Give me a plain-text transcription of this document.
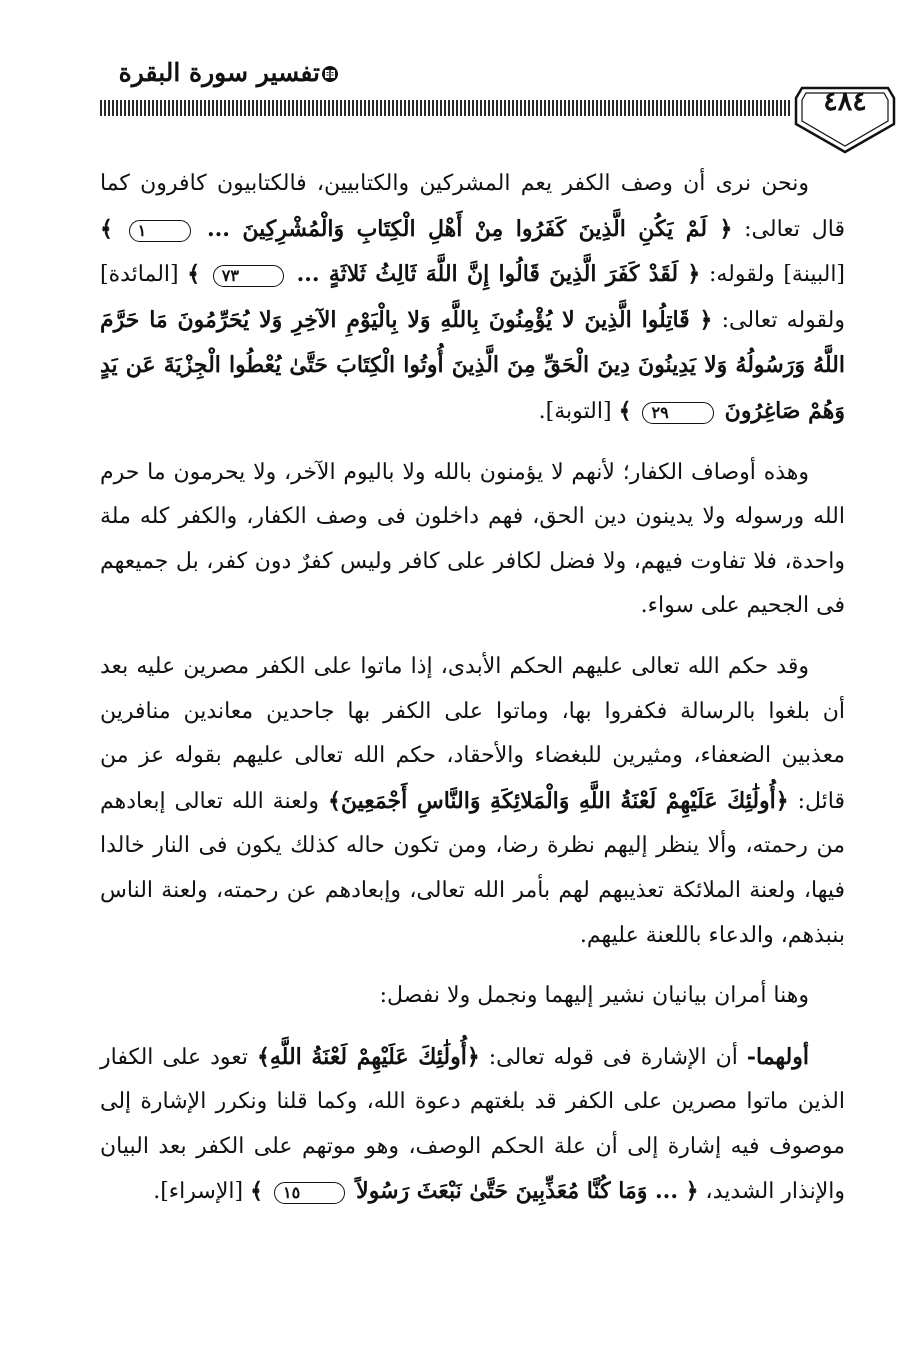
تفسير سورة البقرة
٤٨٤

ونحن نرى أن وصف الكفر يعم المشركين والكتابيين، فالكتابيون كافرون كما قال تعالى: ﴿ لَمْ يَكُنِ الَّذِينَ كَفَرُوا مِنْ أَهْلِ الْكِتَابِ وَالْمُشْرِكِينَ ... ١ ﴾ [البينة] ولقوله: ﴿ لَقَدْ كَفَرَ الَّذِينَ قَالُوا إِنَّ اللَّهَ ثَالِثُ ثَلاثَةٍ ... ٧٣ ﴾ [المائدة] ولقوله تعالى: ﴿ قَاتِلُوا الَّذِينَ لا يُؤْمِنُونَ بِاللَّهِ وَلا بِالْيَوْمِ الآخِرِ وَلا يُحَرِّمُونَ مَا حَرَّمَ اللَّهُ وَرَسُولُهُ وَلا يَدِينُونَ دِينَ الْحَقِّ مِنَ الَّذِينَ أُوتُوا الْكِتَابَ حَتَّىٰ يُعْطُوا الْجِزْيَةَ عَن يَدٍ وَهُمْ صَاغِرُونَ ٢٩ ﴾ [التوبة].

وهذه أوصاف الكفار؛ لأنهم لا يؤمنون بالله ولا باليوم الآخر، ولا يحرمون ما حرم الله ورسوله ولا يدينون دين الحق، فهم داخلون فى وصف الكفار، والكفر كله ملة واحدة، فلا تفاوت فيهم، ولا فضل لكافر على كافر وليس كفرٌ دون كفر، بل جميعهم فى الجحيم على سواء.

وقد حكم الله تعالى عليهم الحكم الأبدى، إذا ماتوا على الكفر مصرين عليه بعد أن بلغوا بالرسالة فكفروا بها، وماتوا على الكفر بها جاحدين معاندين منافرين معذبين الضعفاء، ومثيرين للبغضاء والأحقاد، حكم الله تعالى عليهم بقوله عز من قائل: ﴿أُولَٰئِكَ عَلَيْهِمْ لَعْنَةُ اللَّهِ وَالْمَلائِكَةِ وَالنَّاسِ أَجْمَعِينَ﴾ ولعنة الله تعالى إبعادهم من رحمته، وألا ينظر إليهم نظرة رضا، ومن تكون حاله كذلك يكون فى النار خالدا فيها، ولعنة الملائكة تعذيبهم لهم بأمر الله تعالى، وإبعادهم عن رحمته، ولعنة الناس بنبذهم، والدعاء باللعنة عليهم.

وهنا أمران بيانيان نشير إليهما ونجمل ولا نفصل:

أولهما- أن الإشارة فى قوله تعالى: ﴿أُولَٰئِكَ عَلَيْهِمْ لَعْنَةُ اللَّهِ﴾ تعود على الكفار الذين ماتوا مصرين على الكفر قد بلغتهم دعوة الله، وكما قلنا ونكرر الإشارة إلى موصوف فيه إشارة إلى أن علة الحكم الوصف، وهو موتهم على الكفر بعد البيان والإنذار الشديد، ﴿ ... وَمَا كُنَّا مُعَذِّبِينَ حَتَّىٰ نَبْعَثَ رَسُولاً ١٥ ﴾ [الإسراء].
